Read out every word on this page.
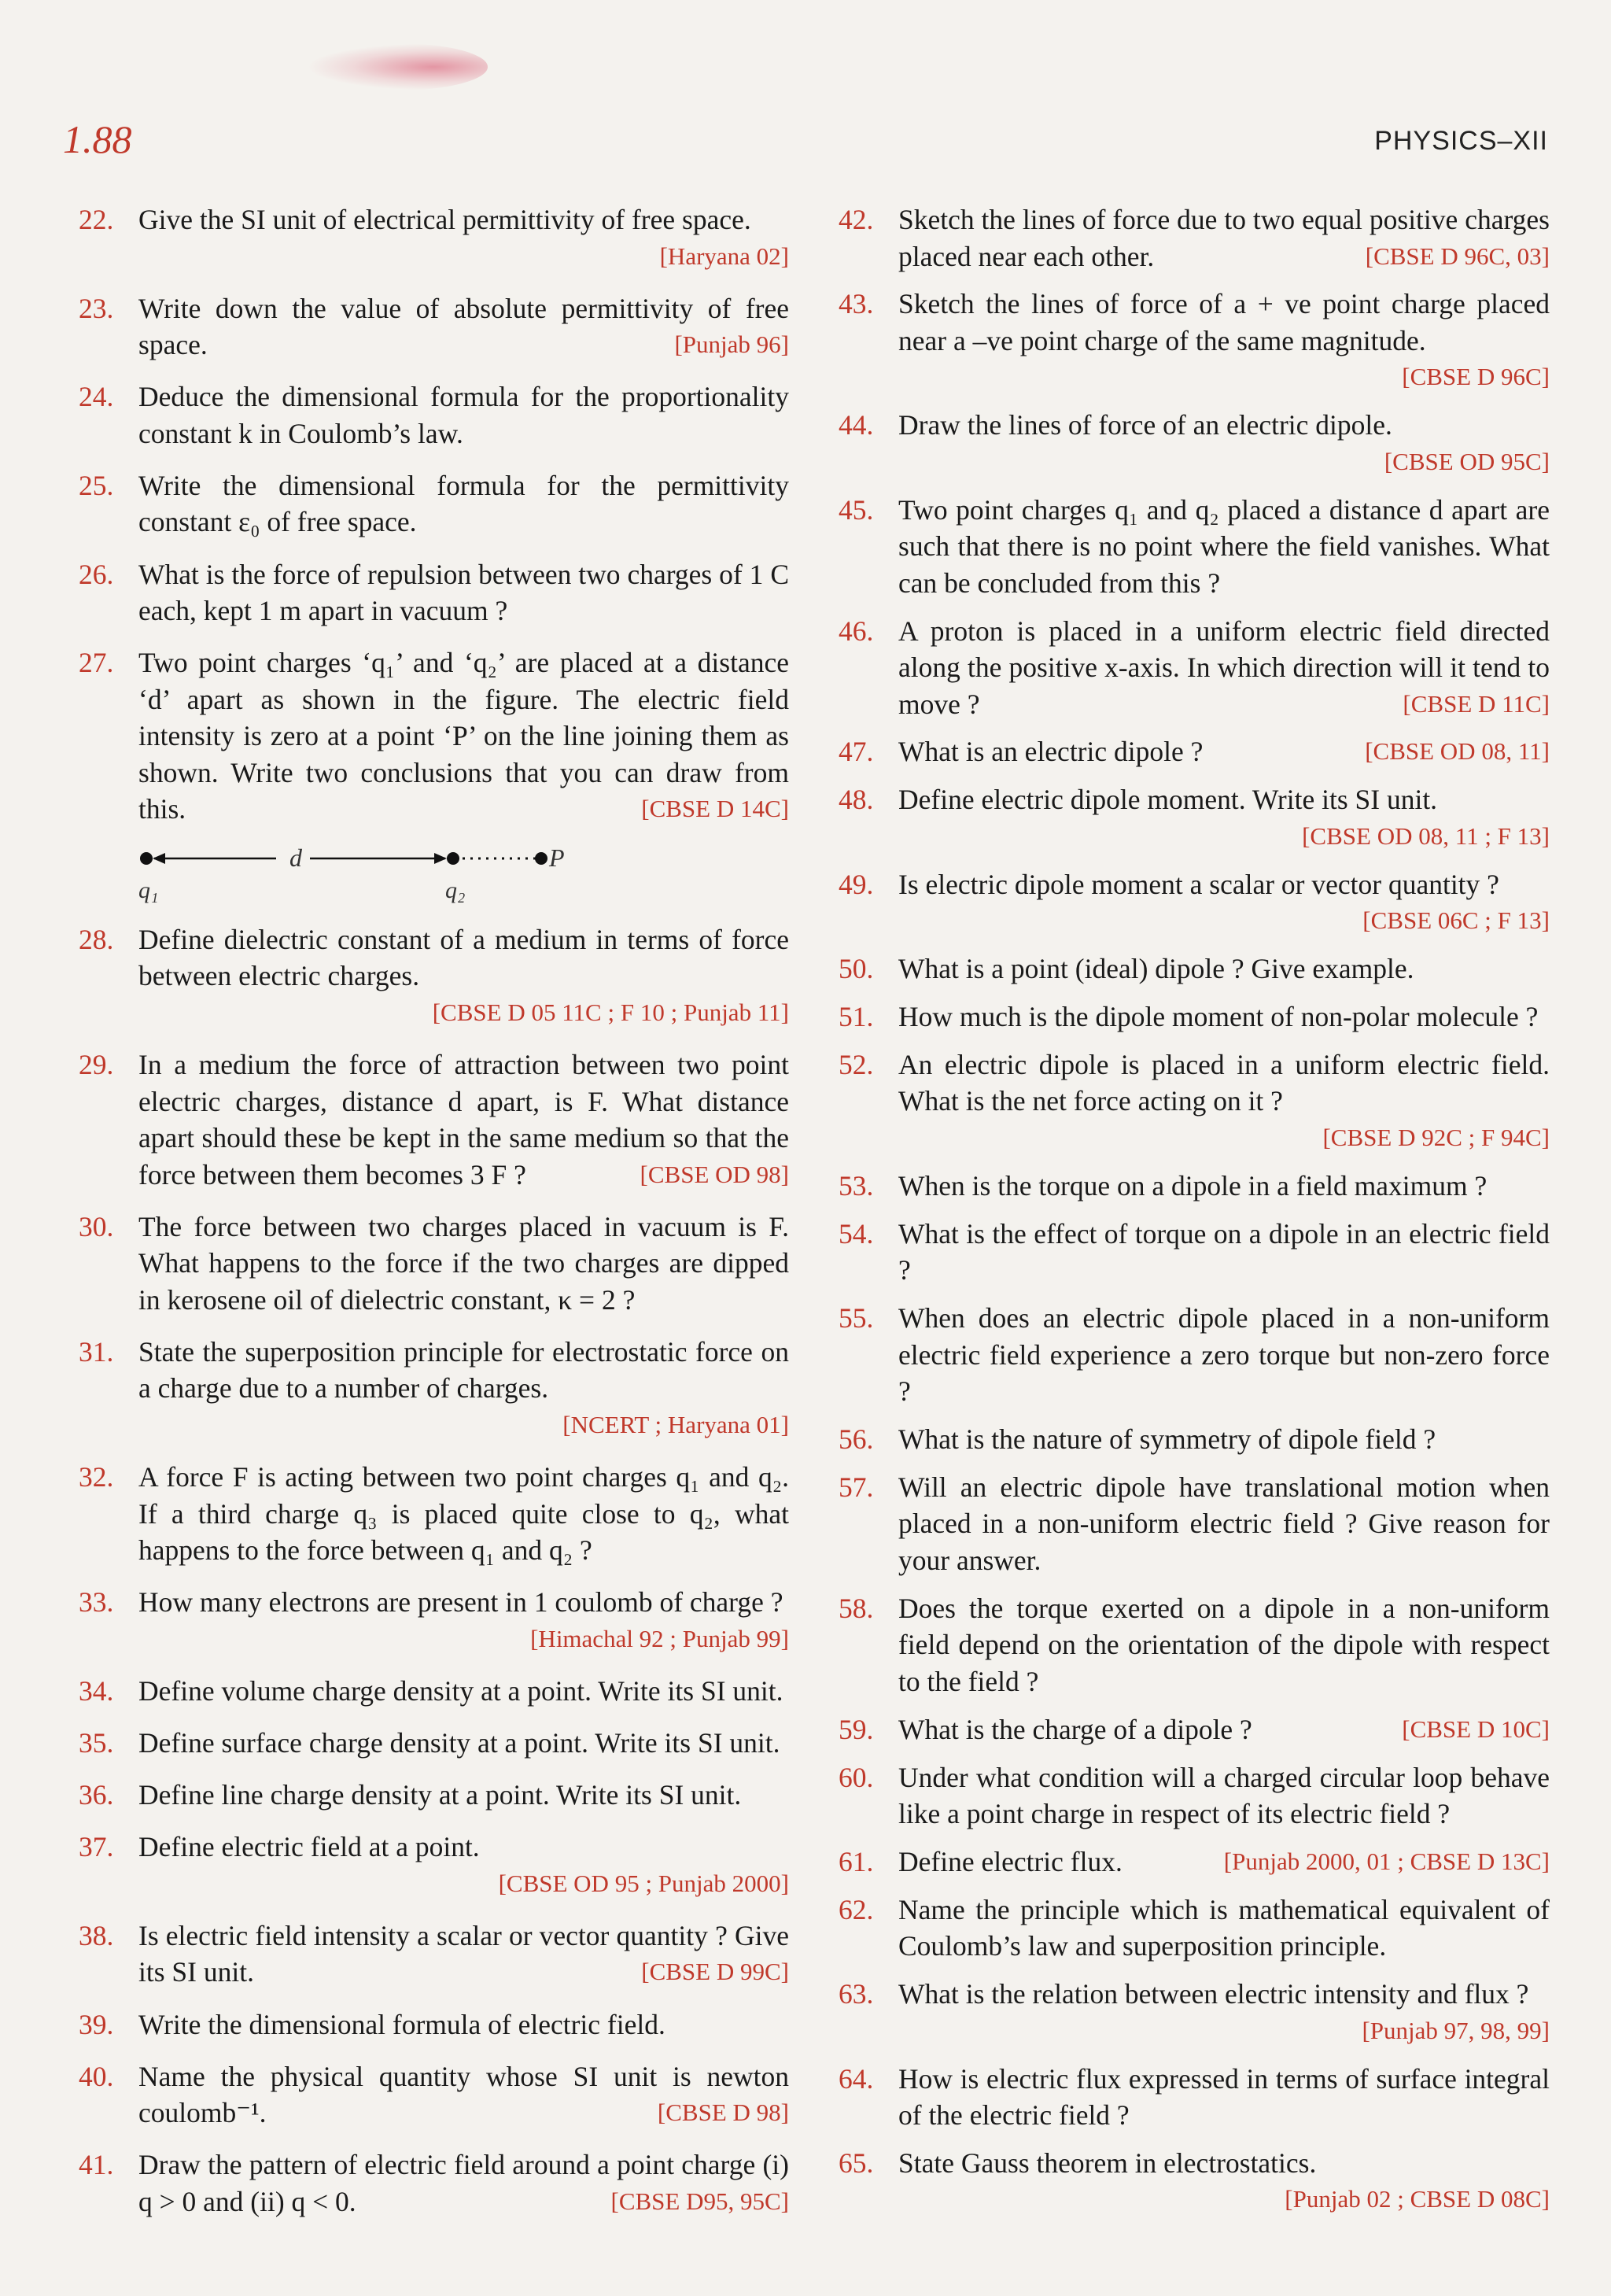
1.88	PHYSICS–XII
22. Give the SI unit of electrical permittivity of free space.
[Haryana 02]
23. Write down the value of absolute permittivity of free space.	[Punjab 96]
24. Deduce the dimensional formula for the proportionality constant k in Coulomb’s law.
25. Write the dimensional formula for the permittivity constant ε₀ of free space.
26. What is the force of repulsion between two charges of 1 C each, kept 1 m apart in vacuum ?
27. Two point charges ‘q₁’ and ‘q₂’ are placed at a distance ‘d’ apart as shown in the figure. The electric field intensity is zero at a point ‘P’ on the line joining them as shown. Write two conclusions that you can draw from this.	[CBSE D 14C]
d	P
q₁	q₂
28. Define dielectric constant of a medium in terms of force between electric charges.
[CBSE D 05 11C ; F 10 ; Punjab 11]
29. In a medium the force of attraction between two point electric charges, distance d apart, is F. What distance apart should these be kept in the same medium so that the force between them becomes 3 F ?	[CBSE OD 98]
30. The force between two charges placed in vacuum is F. What happens to the force if the two charges are dipped in kerosene oil of dielectric constant, κ = 2 ?
31. State the superposition principle for electrostatic force on a charge due to a number of charges.
[NCERT ; Haryana 01]
32. A force F is acting between two point charges q₁ and q₂. If a third charge q₃ is placed quite close to q₂, what happens to the force between q₁ and q₂ ?
33. How many electrons are present in 1 coulomb of charge ?
[Himachal 92 ; Punjab 99]
34. Define volume charge density at a point. Write its SI unit.
35. Define surface charge density at a point. Write its SI unit.
36. Define line charge density at a point. Write its SI unit.
37. Define electric field at a point.
[CBSE OD 95 ; Punjab 2000]
38. Is electric field intensity a scalar or vector quantity ? Give its SI unit.	[CBSE D 99C]
39. Write the dimensional formula of electric field.
40. Name the physical quantity whose SI unit is newton coulomb⁻¹.	[CBSE D 98]
41. Draw the pattern of electric field around a point charge (i) q > 0 and (ii) q < 0.	[CBSE D95, 95C]
42. Sketch the lines of force due to two equal positive charges placed near each other.	[CBSE D 96C, 03]
43. Sketch the lines of force of a + ve point charge placed near a –ve point charge of the same magnitude.
[CBSE D 96C]
44. Draw the lines of force of an electric dipole.
[CBSE OD 95C]
45. Two point charges q₁ and q₂ placed a distance d apart are such that there is no point where the field vanishes. What can be concluded from this ?
46. A proton is placed in a uniform electric field directed along the positive x-axis. In which direction will it tend to move ?	[CBSE D 11C]
47. What is an electric dipole ?	[CBSE OD 08, 11]
48. Define electric dipole moment. Write its SI unit.
[CBSE OD 08, 11 ; F 13]
49. Is electric dipole moment a scalar or vector quantity ?
[CBSE 06C ; F 13]
50. What is a point (ideal) dipole ? Give example.
51. How much is the dipole moment of non-polar molecule ?
52. An electric dipole is placed in a uniform electric field. What is the net force acting on it ?
[CBSE D 92C ; F 94C]
53. When is the torque on a dipole in a field maximum ?
54. What is the effect of torque on a dipole in an electric field ?
55. When does an electric dipole placed in a non-uniform electric field experience a zero torque but non-zero force ?
56. What is the nature of symmetry of dipole field ?
57. Will an electric dipole have translational motion when placed in a non-uniform electric field ? Give reason for your answer.
58. Does the torque exerted on a dipole in a non-uniform field depend on the orientation of the dipole with respect to the field ?
59. What is the charge of a dipole ?	[CBSE D 10C]
60. Under what condition will a charged circular loop behave like a point charge in respect of its electric field ?
61. Define electric flux.	[Punjab 2000, 01 ; CBSE D 13C]
62. Name the principle which is mathematical equivalent of Coulomb’s law and superposition principle.
63. What is the relation between electric intensity and flux ?
[Punjab 97, 98, 99]
64. How is electric flux expressed in terms of surface integral of the electric field ?
65. State Gauss theorem in electrostatics.
[Punjab 02 ; CBSE D 08C]
